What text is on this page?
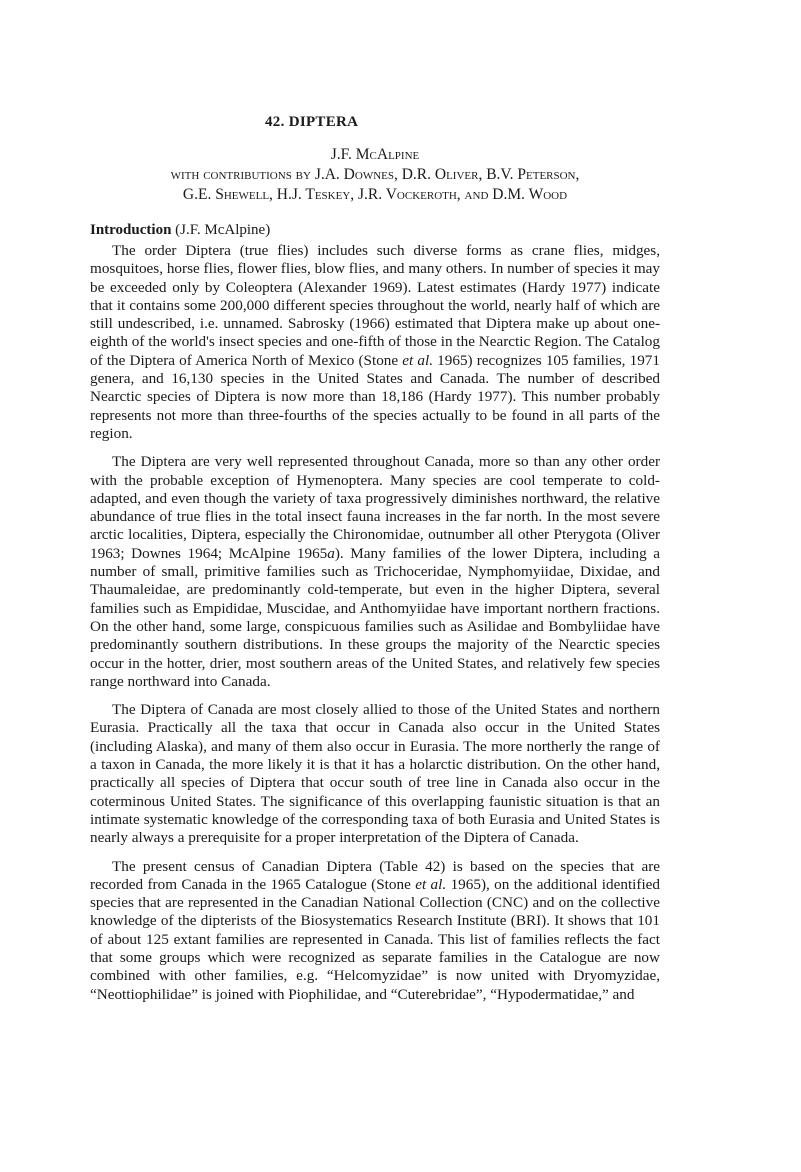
42. DIPTERA

J.F. McAlpine

with contributions by J.A. Downes, D.R. Oliver, B.V. Peterson,

G.E. Shewell, H.J. Teskey, J.R. Vockeroth, and D.M. Wood

Introduction (J.F. McAlpine)

The order Diptera (true flies) includes such diverse forms as crane flies, midges, mosquitoes, horse flies, flower flies, blow flies, and many others. In number of species it may be exceeded only by Coleoptera (Alexander 1969). Latest estimates (Hardy 1977) indicate that it contains some 200,000 different species throughout the world, nearly half of which are still undescribed, i.e. unnamed. Sabrosky (1966) estimated that Diptera make up about one-eighth of the world's insect species and one-fifth of those in the Nearctic Region. The Catalog of the Diptera of America North of Mexico (Stone et al. 1965) recognizes 105 families, 1971 genera, and 16,130 species in the United States and Canada. The number of described Nearctic species of Diptera is now more than 18,186 (Hardy 1977). This number probably represents not more than three-fourths of the species actually to be found in all parts of the region.

The Diptera are very well represented throughout Canada, more so than any other order with the probable exception of Hymenoptera. Many species are cool temperate to cold-adapted, and even though the variety of taxa progressively diminishes northward, the relative abundance of true flies in the total insect fauna increases in the far north. In the most severe arctic localities, Diptera, especially the Chironomidae, outnumber all other Pterygota (Oliver 1963; Downes 1964; McAlpine 1965a). Many families of the lower Diptera, including a number of small, primitive families such as Trichoceridae, Nymphomyiidae, Dixidae, and Thaumaleidae, are predominantly cold-temperate, but even in the higher Diptera, several families such as Empididae, Muscidae, and Anthomyiidae have important northern fractions. On the other hand, some large, conspicuous families such as Asilidae and Bombyliidae have predominantly southern distributions. In these groups the majority of the Nearctic species occur in the hotter, drier, most southern areas of the United States, and relatively few species range northward into Canada.

The Diptera of Canada are most closely allied to those of the United States and northern Eurasia. Practically all the taxa that occur in Canada also occur in the United States (including Alaska), and many of them also occur in Eurasia. The more northerly the range of a taxon in Canada, the more likely it is that it has a holarctic distribution. On the other hand, practically all species of Diptera that occur south of tree line in Canada also occur in the coterminous United States. The significance of this overlapping faunistic situation is that an intimate systematic knowledge of the corresponding taxa of both Eurasia and United States is nearly always a prerequisite for a proper interpretation of the Diptera of Canada.

The present census of Canadian Diptera (Table 42) is based on the species that are recorded from Canada in the 1965 Catalogue (Stone et al. 1965), on the additional identified species that are represented in the Canadian National Collection (CNC) and on the collective knowledge of the dipterists of the Biosystematics Research Institute (BRI). It shows that 101 of about 125 extant families are represented in Canada. This list of families reflects the fact that some groups which were recognized as separate families in the Catalogue are now combined with other families, e.g. “Helcomyzidae” is now united with Dryomyzidae, “Neottiophilidae” is joined with Piophilidae, and “Cuterebridae”, “Hypodermatidae,” and
